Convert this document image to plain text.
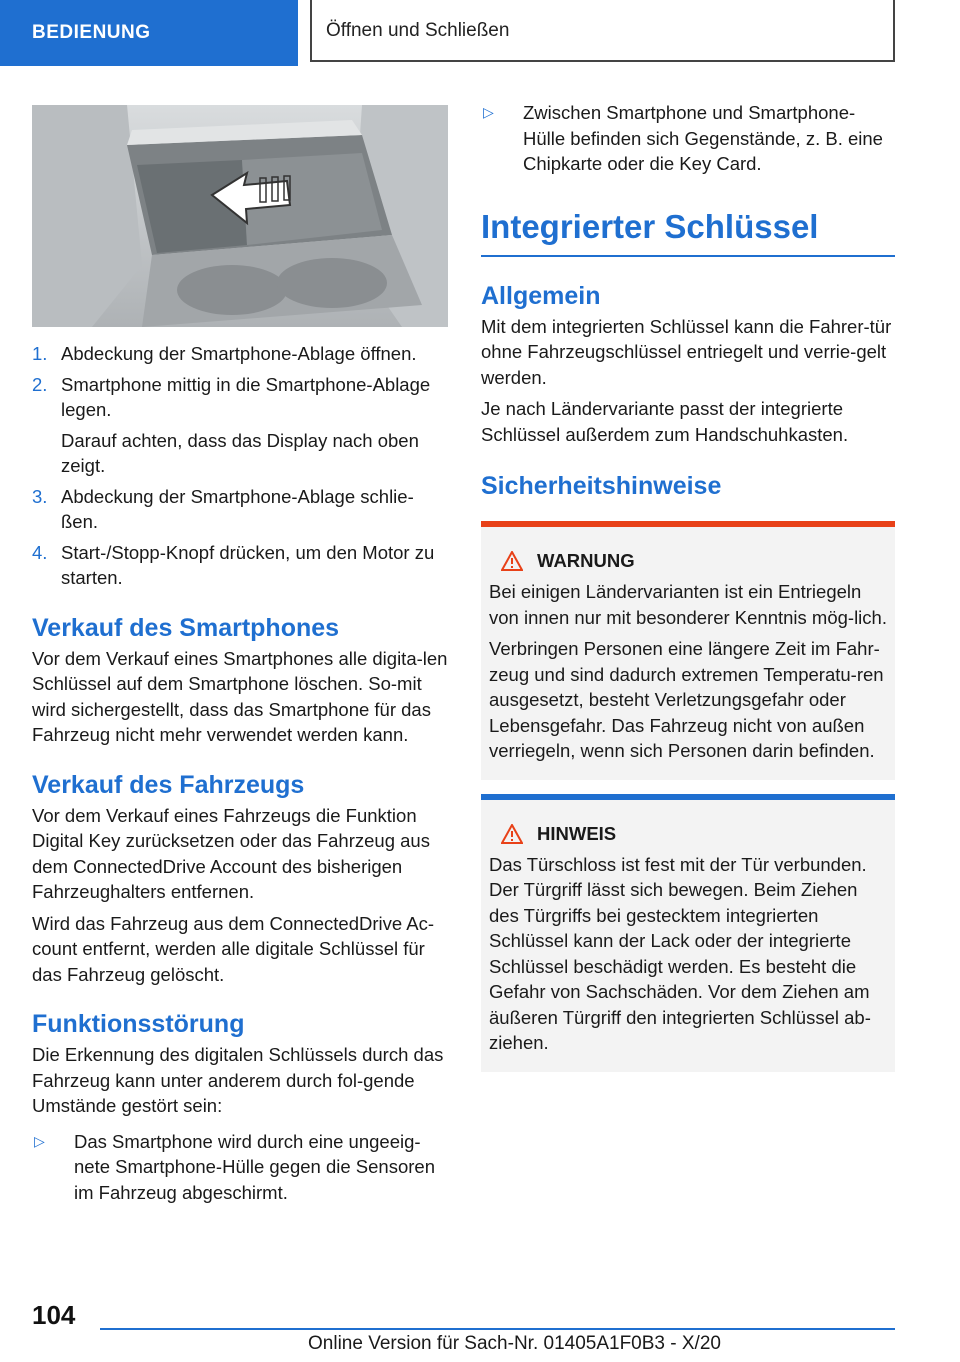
BEDIENUNG	Öffnen und Schließen
1. Abdeckung der Smartphone-Ablage öffnen.
2. Smartphone mittig in die Smartphone-Ablage legen.
Darauf achten, dass das Display nach oben zeigt.
3. Abdeckung der Smartphone-Ablage schlie-ßen.
4. Start-/Stopp-Knopf drücken, um den Motor zu starten.
Verkauf des Smartphones

Vor dem Verkauf eines Smartphones alle digita-len Schlüssel auf dem Smartphone löschen. So-mit wird sichergestellt, dass das Smartphone für das Fahrzeug nicht mehr verwendet werden kann.

Verkauf des Fahrzeugs

Vor dem Verkauf eines Fahrzeugs die Funktion Digital Key zurücksetzen oder das Fahrzeug aus dem ConnectedDrive Account des bisherigen Fahrzeughalters entfernen.

Wird das Fahrzeug aus dem ConnectedDrive Ac-count entfernt, werden alle digitale Schlüssel für das Fahrzeug gelöscht.

Funktionsstörung

Die Erkennung des digitalen Schlüssels durch das Fahrzeug kann unter anderem durch fol-gende Umstände gestört sein:

▷ Das Smartphone wird durch eine ungeeig-nete Smartphone-Hülle gegen die Sensoren im Fahrzeug abgeschirmt.
▷ Zwischen Smartphone und Smartphone-Hülle befinden sich Gegenstände, z. B. eine Chipkarte oder die Key Card.
Integrierter Schlüssel
Allgemein

Mit dem integrierten Schlüssel kann die Fahrer-tür ohne Fahrzeugschlüssel entriegelt und verrie-gelt werden.

Je nach Ländervariante passt der integrierte Schlüssel außerdem zum Handschuhkasten.

Sicherheitshinweise
WARNUNG

Bei einigen Ländervarianten ist ein Entriegeln von innen nur mit besonderer Kenntnis mög-lich.

Verbringen Personen eine längere Zeit im Fahr-zeug und sind dadurch extremen Temperatu-ren ausgesetzt, besteht Verletzungsgefahr oder Lebensgefahr. Das Fahrzeug nicht von außen verriegeln, wenn sich Personen darin befinden.

HINWEIS

Das Türschloss ist fest mit der Tür verbunden. Der Türgriff lässt sich bewegen. Beim Ziehen des Türgriffs bei gestecktem integrierten Schlüssel kann der Lack oder der integrierte Schlüssel beschädigt werden. Es besteht die Gefahr von Sachschäden. Vor dem Ziehen am äußeren Türgriff den integrierten Schlüssel ab-ziehen.

104
Online Version für Sach-Nr. 01405A1F0B3 - X/20
